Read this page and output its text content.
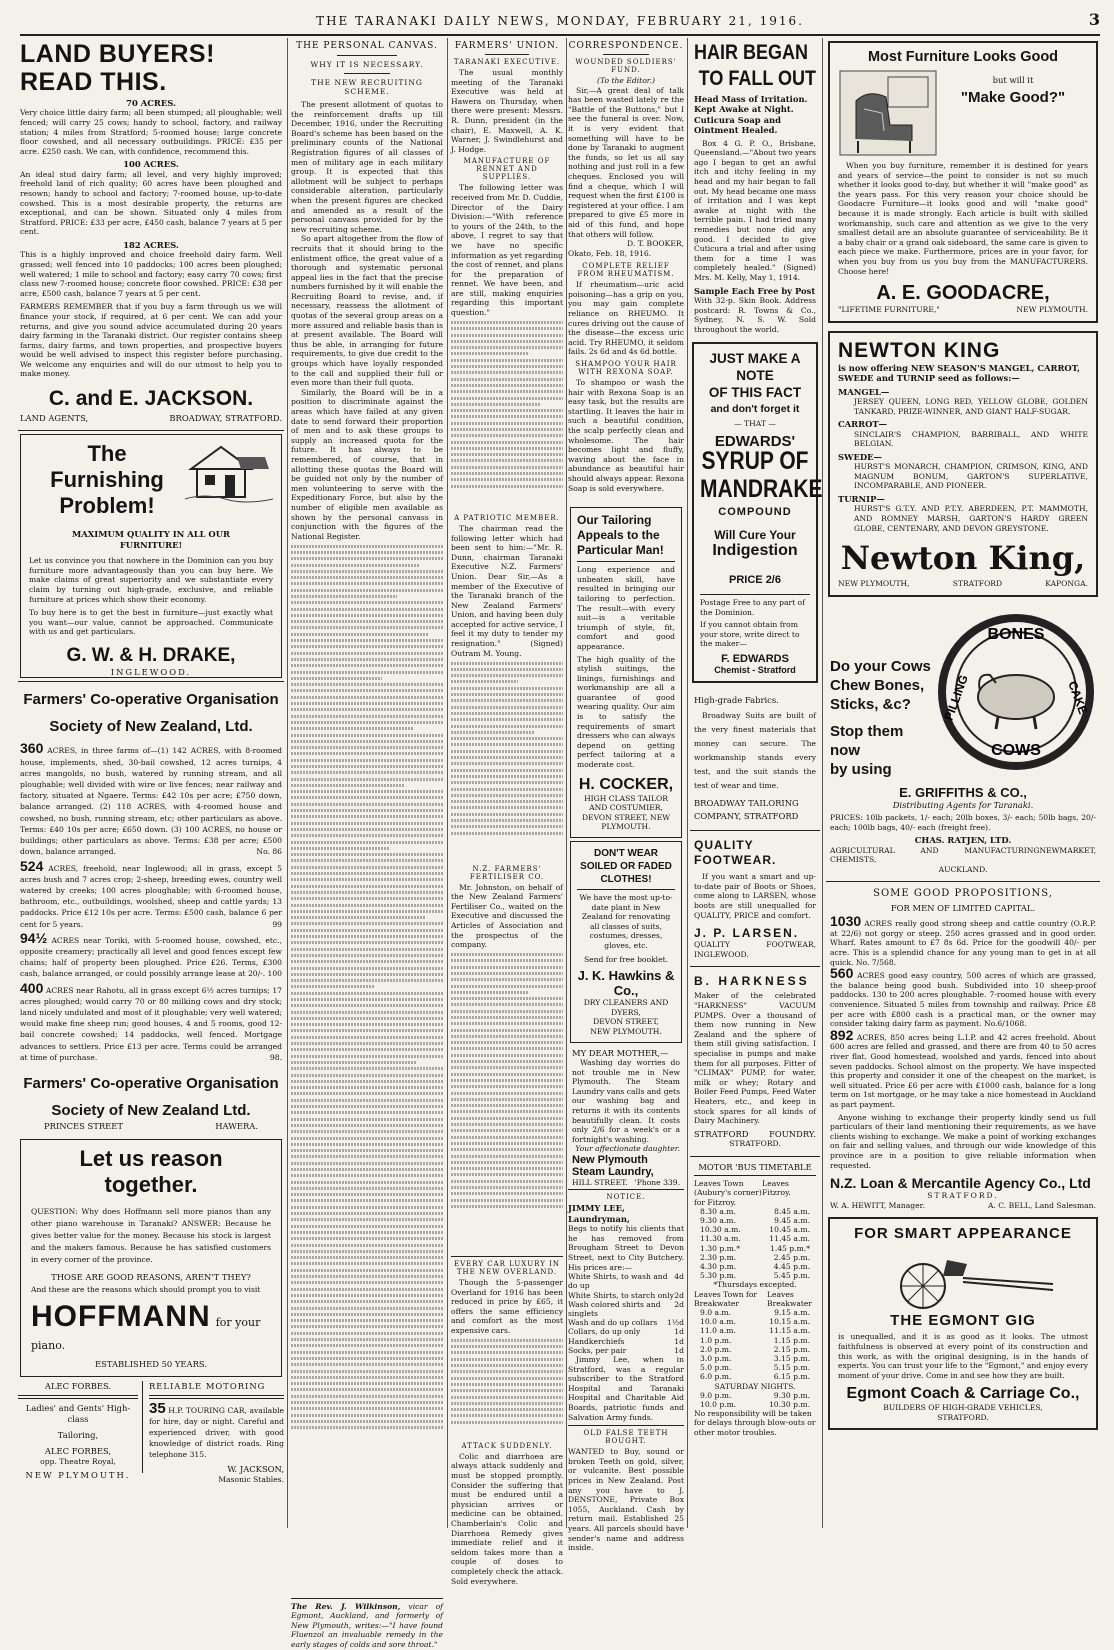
THE TARANAKI DAILY NEWS, MONDAY, FEBRUARY 21, 1916.	3
LAND BUYERS! READ THIS.
70 ACRES.
Very choice little dairy farm; all been stumped; all ploughable; well fenced; will carry 25 cows; handy to school, factory, and railway station; 4 miles from Stratford; 5-roomed house; large concrete floor cowshed, and all necessary outbuildings. PRICE: £35 per acre. £250 cash. We can, with confidence, recommend this.
100 ACRES.
An ideal stud dairy farm; all level, and very highly improved; freehold land of rich quality; 60 acres have been ploughed and resown; handy to school and factory; 7-roomed house, up-to-date cowshed. This is a most desirable property, the returns are exceptional, and can be shown. Situated only 4 miles from Stratford. PRICE: £33 per acre, £450 cash, balance 7 years at 5 per cent.
182 ACRES.
This is a highly improved and choice freehold dairy farm. Well grassed; well fenced into 10 paddocks; 100 acres been ploughed; well watered; 1 mile to school and factory; easy carry 70 cows; first class new 7-roomed house; concrete floor cowshed. PRICE: £38 per acre, £500 cash, balance 7 years at 5 per cent.
FARMERS REMEMBER that if you buy a farm through us we will finance your stock, if required, at 6 per cent. We can add your returns, and give you sound advice accumulated during 20 years dairy farming in the Taranaki district. Our register contains sheep farms, dairy farms, and town properties, and prospective buyers would be well advised to inspect this register before purchasing. We welcome any enquiries and will do our utmost to help you to make money.
C. and E. JACKSON.
LAND AGENTS,	BROADWAY, STRATFORD.
The Furnishing
Problem!
MAXIMUM QUALITY IN ALL OUR
FURNITURE!
Let us convince you that nowhere in the Dominion can you buy furniture more advantageously than you can buy here. We make claims of great superiority and we substantiate every claim by turning out high-grade, exclusive, and reliable furniture at prices which show their economy.
To buy here is to get the best in furniture—just exactly what you want—our value, cannot be approached. Communicate with us and get particulars.
G. W. & H. DRAKE,
INGLEWOOD.
Farmers' Co-operative Organisation
Society of New Zealand, Ltd.
360 ACRES, in three farms of—(1) 142 ACRES, with 8-roomed house, implements, shed, 30-bail cowshed, 12 acres turnips, 4 acres mangolds, no bush, watered by running stream, and all ploughable; well divided with wire or live fences; near railway and factory, situated at Ngaere. Terms: £42 10s per acre; £750 down, balance arranged. (2) 118 ACRES, with 4-roomed house and cowshed, no bush, running stream, etc; other particulars as above. Terms: £40 10s per acre; £650 down. (3) 100 ACRES, no house or buildings; other particulars as above. Terms: £38 per acre; £500 down, balance arranged.	No. 86
524 ACRES, freehold, near Inglewood; all in grass, except 5 acres bush and 7 acres crop; 2-sheep, breeding ewes, country well watered by creeks; 100 acres ploughable; with 6-roomed house, bathroom, etc., outbuildings, woolshed, sheep and cattle yards; 13 paddocks. Price £12 10s per acre. Terms: £500 cash, balance 6 per cent for 5 years.	99
94½ ACRES near Toriki, with 5-roomed house, cowshed, etc., opposite creamery; practically all level and good fences except few chains; half of property been ploughed. Price £26. Terms, £300 cash, balance arranged, or could possibly arrange lease at 20/-. 100
400 ACRES near Rahotu, all in grass except 6½ acres turnips; 17 acres ploughed; would carry 70 or 80 milking cows and dry stock; land nicely undulated and most of it ploughable; very well watered; would make fine sheep run; good houses, 4 and 5 rooms, good 12-bail concrete cowshed; 14 paddocks, well fenced. Mortgage advances to settlers. Price £13 per acre. Terms could be arranged at time of purchase.	98.
Farmers' Co-operative Organisation
Society of New Zealand Ltd.
PRINCES STREET	HAWERA.
Let us reason together.
QUESTION: Why does Hoffmann sell more pianos than any other piano warehouse in Taranaki? ANSWER: Because he gives better value for the money. Because his stock is largest and the makers famous. Because he has satisfied customers in every corner of the province.
THOSE ARE GOOD REASONS, AREN'T THEY?
And these are the reasons which should prompt you to visit
HOFFMANN for your piano.
ESTABLISHED 50 YEARS.
ALEC FORBES.
Ladies' and Gents' High-class
Tailoring,
ALEC FORBES,
opp. Theatre Royal,
NEW PLYMOUTH.
RELIABLE MOTORING
35 H.P. TOURING CAR, available for hire, day or night. Careful and experienced driver, with good knowledge of district roads. Ring telephone 315.
W. JACKSON,
Masonic Stables.
THE PERSONAL CANVAS.
WHY IT IS NECESSARY.
THE NEW RECRUITING SCHEME.
The present allotment of quotas to the reinforcement drafts up till December, 1916, under the Recruiting Board's scheme has been based on the preliminary counts of the National Registration figures of all classes of men of military age in each military group. It is expected that this allotment will be subject to perhaps considerable alteration, particularly when the present figures are checked and amended as a result of the personal canvass provided for by the new recruiting scheme.
So apart altogether from the flow of recruits that it should bring to the enlistment office, the great value of a thorough and systematic personal appeal lies in the fact that the precise numbers furnished by it will enable the Recruiting Board to revise, and, if necessary, reassess the allotment of quotas of the several group areas on a more assured and reliable basis than is at present available. The Board will thus be able, in arranging for future requirements, to give due credit to the groups which have loyally responded to the call and supplied their full or even more than their full quota.
Similarly, the Board will be in a position to discriminate against the areas which have failed at any given date to send forward their proportion of men and to ask these groups to supply an increased quota for the future. It has always to be remembered, of course, that in allotting these quotas the Board will be guided not only by the number of men volunteering to serve with the Expeditionary Force, but also by the number of eligible men available as shown by the personal canvass in conjunction with the figures of the National Register.
The Rev. J. Wilkinson, vicar of Egmont, Auckland, and formerly of New Plymouth, writes:—"I have found Fluenzol an invaluable remedy in the early stages of colds and sore throat."
FARMERS' UNION.
TARANAKI EXECUTIVE.
The usual monthly meeting of the Taranaki Executive was held at Hawera on Thursday, when there were present: Messrs. R. Dunn, president (in the chair), E. Maxwell, A. K. Warner, J. Swindlehurst and J. Hodge.
MANUFACTURE OF RENNET AND SUPPLIES.
The following letter was received from Mr. D. Cuddie, Director of the Dairy Division:—"With reference to yours of the 24th, to the above, I regret to say that we have no specific information as yet regarding the cost of rennet, and plans for the preparation of rennet. We have been, and are still, making enquiries regarding this important question."
A PATRIOTIC MEMBER.
The chairman read the following letter which had been sent to him:—"Mr. R. Dunn, chairman Taranaki Executive N.Z. Farmers' Union. Dear Sir,—As a member of the Executive of the Taranaki branch of the New Zealand Farmers' Union, and having been duly accepted for active service, I feel it my duty to tender my resignation." (Signed) Outram M. Young.
N.Z. FARMERS' FERTILISER CO.
Mr. Johnston, on behalf of the New Zealand Farmers' Fertiliser Co., waited on the Executive and discussed the Articles of Association and the prospectus of the company.
EVERY CAR LUXURY IN THE NEW OVERLAND.
Though the 5-passenger Overland for 1916 has been reduced in price by £65, it offers the same efficiency and comfort as the most expensive cars.
ATTACK SUDDENLY.
Colic and diarrhoea are always attack suddenly and must be stopped promptly. Consider the suffering that must be endured until a physician arrives or medicine can be obtained. Chamberlain's Colic and Diarrhoea Remedy gives immediate relief and it seldom takes more than a couple of doses to completely check the attack. Sold everywhere.
CORRESPONDENCE.
WOUNDED SOLDIERS' FUND.
(To the Editor.)
Sir,—A great deal of talk has been wasted lately re the "Battle of the Buttons," but I see the funeral is over. Now, it is very evident that something will have to be done by Taranaki to augment the funds, so let us all say nothing and just roll in a few cheques. Enclosed you will find a cheque, which I will request when the first £100 is registered at your office. I am prepared to give £5 more in aid of this fund, and hope that others will follow.
D. T. BOOKER,
Okato, Feb. 18, 1916.
COMPLETE RELIEF FROM RHEUMATISM.
If rheumatism—uric acid poisoning—has a grip on you, you may gain complete reliance on RHEUMO. It cures driving out the cause of the disease—the excess uric acid. Try RHEUMO, it seldom fails. 2s 6d and 4s 6d bottle.
SHAMPOO YOUR HAIR WITH REXONA SOAP.
To shampoo or wash the hair with Rexona Soap is an easy task, but the results are startling. It leaves the hair in such a beautiful condition, the scalp perfectly clean and wholesome. The hair becomes light and fluffy, waving about the face in abundance as beautiful hair should always appear. Rexona Soap is sold everywhere.
Our Tailoring Appeals to the Particular Man!
Long experience and unbeaten skill, have resulted in bringing our tailoring to perfection. The result—with every suit—is a veritable triumph of style, fit, comfort and good appearance.
The high quality of the stylish suitings, the linings, furnishings and workmanship are all a guarantee of good wearing quality. Our aim is to satisfy the requirements of smart dressers who can always depend on getting perfect tailoring at a moderate cost.
H. COCKER,
HIGH CLASS TAILOR AND COSTUMIER,
DEVON STREET, NEW PLYMOUTH.
DON'T WEAR SOILED OR FADED CLOTHES!
We have the most up-to-date plant in New Zealand for renovating all classes of suits, costumes, dresses, gloves, etc.
Send for free booklet.
J. K. Hawkins & Co.,
DRY CLEANERS AND DYERS,
DEVON STREET,
NEW PLYMOUTH.
MY DEAR MOTHER,—
Washing day worries do not trouble me in New Plymouth. The Steam Laundry vans calls and gets our washing bag and returns it with its contents beautifully clean. It costs only 2/6 for a week's or a fortnight's washing.
Your affectionate daughter.
New Plymouth Steam Laundry,
HILL STREET. 'Phone 339.
NOTICE.
JIMMY LEE, Laundryman,
Begs to notify his clients that he has removed from Brougham Street to Devon Street, next to City Butchery. His prices are:—
White Shirts, to wash and do up
4d
White Shirts, to starch only 2d
Wash colored shirts and singlets
2d
Wash and do up collars 1½d
Collars, do up only	1d
Handkerchiefs	1d
Socks, per pair	1d
Jimmy Lee, when in Stratford, was a regular subscriber to the Stratford Hospital and Taranaki Hospital and Charitable Aid Boards, patriotic funds and Salvation Army funds.
OLD FALSE TEETH BOUGHT.
WANTED to Buy, sound or broken Teeth on gold, silver, or vulcanite. Best possible prices in New Zealand. Post any you have to J. DENSTONE, Private Box 1055, Auckland. Cash by return mail. Established 25 years. All parcels should have sender's name and address inside.
HAIR BEGAN
TO FALL OUT
Head Mass of Irritation. Kept Awake at Night. Cuticura Soap and Ointment Healed.
Box 4 G. P. O., Brisbane, Queensland.—"About two years ago I began to get an awful itch and itchy feeling in my head and my hair began to fall out. My head became one mass of irritation and I was kept awake at night with the terrible pain. I had tried many remedies but none did any good. I decided to give Cuticura a trial and after using them for a time I was completely healed." (Signed) Mrs. M. Kelly, May 1, 1914.
Sample Each Free by Post
With 32-p. Skin Book. Address postcard: R. Towns & Co., Sydney, N. S. W. Sold throughout the world.
JUST MAKE A NOTE
OF THIS FACT
and don't forget it
— THAT —
EDWARDS'
SYRUP OF
MANDRAKE
COMPOUND
Will Cure Your
Indigestion
PRICE 2/6
Postage Free to any part of the Dominion.
If you cannot obtain from your store, write direct to the maker—
F. EDWARDS
Chemist - Stratford
High-grade Fabrics.
Broadway Suits are built of the very finest materials that money can secure. The workmanship stands every test, and the suit stands the test of wear and time.
BROADWAY TAILORING COMPANY, STRATFORD
QUALITY FOOTWEAR.
If you want a smart and up-to-date pair of Boots or Shoes, come along to LARSEN, whose boots are still unequalled for QUALITY, PRICE and comfort.
J. P. LARSEN.
QUALITY FOOTWEAR, INGLEWOOD.
B. HARKNESS
Maker of the celebrated "HARKNESS" VACUUM PUMPS. Over a thousand of them now running in New Zealand and the sphere of them still giving satisfaction. I specialise in pumps and make them for all purposes. Fitter of "CLIMAX" PUMP, for water, milk or whey; Rotary and Boiler Feed Pumps, Feed Water Heaters, etc., and keep in stock spares for all kinds of Dairy Machinery.
STRATFORD FOUNDRY.
STRATFORD.
MOTOR 'BUS TIMETABLE
Leaves Town (Aubury's corner) for Fitzroy.
Leaves Fitzroy.
8.30 a.m.	8.45 a.m.
9.30 a.m.	9.45 a.m.
10.30 a.m.	10.45 a.m.
11.30 a.m.	11.45 a.m.
1.30 p.m.*	1.45 p.m.*
2.30 p.m.	2.45 p.m.
4.30 p.m.	4.45 p.m.
5.30 p.m.	5.45 p.m.
*Thursdays excepted.
Leaves Town for Breakwater
Leaves Breakwater
9.0 a.m.	9.15 a.m.
10.0 a.m.	10.15 a.m.
11.0 a.m.	11.15 a.m.
1.0 p.m.	1.15 p.m.
2.0 p.m.	2.15 p.m.
3.0 p.m.	3.15 p.m.
5.0 p.m.	5.15 p.m.
6.0 p.m.	6.15 p.m.
SATURDAY NIGHTS.
9.0 p.m.	9.30 p.m.
10.0 p.m.	10.30 p.m.
No responsibility will be taken for delays through blow-outs or other motor troubles.
Most Furniture Looks Good
but will it
"Make Good?"
When you buy furniture, remember it is destined for years and years of service—the point to consider is not so much whether it looks good to-day, but whether it will "make good" as the years pass. For this very reason your choice should be Goodacre Furniture—it looks good and will "make good" because it is made strongly. Each article is built with skilled workmanship, such care and attention as we give to the very smallest detail are an absolute guarantee of serviceability. Be it a baby chair or a grand oak sideboard, the same care is given to each piece we make. Furthermore, prices are in your favor, for when you buy from us you buy from the MANUFACTURERS. Choose here!
A. E. GOODACRE,
"LIFETIME FURNITURE,"	NEW PLYMOUTH.
NEWTON KING
is now offering NEW SEASON'S MANGEL, CARROT, SWEDE and TURNIP seed as follows:—
MANGEL—
JERSEY QUEEN, LONG RED, YELLOW GLOBE, GOLDEN TANKARD, PRIZE-WINNER, AND GIANT HALF-SUGAR.
CARROT—
SINCLAIR'S CHAMPION, BARRIBALL, AND WHITE BELGIAN.
SWEDE—
HURST'S MONARCH, CHAMPION, CRIMSON, KING, AND MAGNUM BONUM, GARTON'S SUPERLATIVE, INCOMPARABLE, AND PIONEER.
TURNIP—
HURST'S G.T.Y. AND P.T.Y. ABERDEEN, P.T. MAMMOTH, AND ROMNEY MARSH, GARTON'S HARDY GREEN GLOBE, CENTENARY, AND DEVON GREYSTONE.
Newton King,
NEW PLYMOUTH,	STRATFORD	KAPONGA.
Do your Cows
Chew Bones,
Sticks, &c?
Stop them now
by using
BONES
PILLING	CAKE
COWS
E. GRIFFITHS & CO.,
Distributing Agents for Taranaki.
PRICES: 10lb packets, 1/- each; 20lb boxes, 3/- each; 50lb bags, 20/- each; 100lb bags, 40/- each (freight free).
CHAS. RATJEN, LTD.
AGRICULTURAL AND MANUFACTURING CHEMISTS,
NEWMARKET,
AUCKLAND.
SOME GOOD PROPOSITIONS,
FOR MEN OF LIMITED CAPITAL.
1030 ACRES really good strong sheep and cattle country (O.R.P. at 22/6) not gorgy or steep. 250 acres grassed and in good order. Wharf. Rates amount to £7 8s 6d. Price for the goodwill 40/- per acre. This is a splendid chance for any young man to get in at all quick. No. 7/568.
560 ACRES good easy country, 500 acres of which are grassed, the balance being good bush. Subdivided into 10 sheep-proof paddocks. 130 to 200 acres ploughable. 7-roomed house with every convenience. Situated 5 miles from township and railway. Price £8 per acre with £800 cash is a practical man, or the owner may consider taking dairy farm as payment. No.6/1068.
892 ACRES, 850 acres being L.I.P. and 42 acres freehold. About 600 acres are felled and grassed, and there are from 40 to 50 acres river flat. Good homestead, woolshed and yards, fenced into about seven paddocks. School almost on the property. We have inspected this property and consider it one of the cheapest on the market, is well situated. Price £6 per acre with £1000 cash, balance for a long term on 1st mortgage, or he may take a nice homestead in Auckland as part payment.
Anyone wishing to exchange their property kindly send us full particulars of their land mentioning their requirements, as we have clients wishing to exchange. We make a point of working exchanges on fair and selling values, and through our wide knowledge of this province are in a position to give reliable information when requested.
N.Z. Loan & Mercantile Agency Co., Ltd
STRATFORD.
W. A. HEWITT, Manager.	A. C. BELL, Land Salesman.
FOR SMART APPEARANCE
THE EGMONT GIG
is unequalled, and it is as good as it looks. The utmost faithfulness is observed at every point of its construction and this work, as with the original designing, is in the hands of experts. You can trust your life to the "Egmont," and enjoy every moment of your drive. Come in and see how they are built.
Egmont Coach & Carriage Co.,
BUILDERS OF HIGH-GRADE VEHICLES,
STRATFORD.
